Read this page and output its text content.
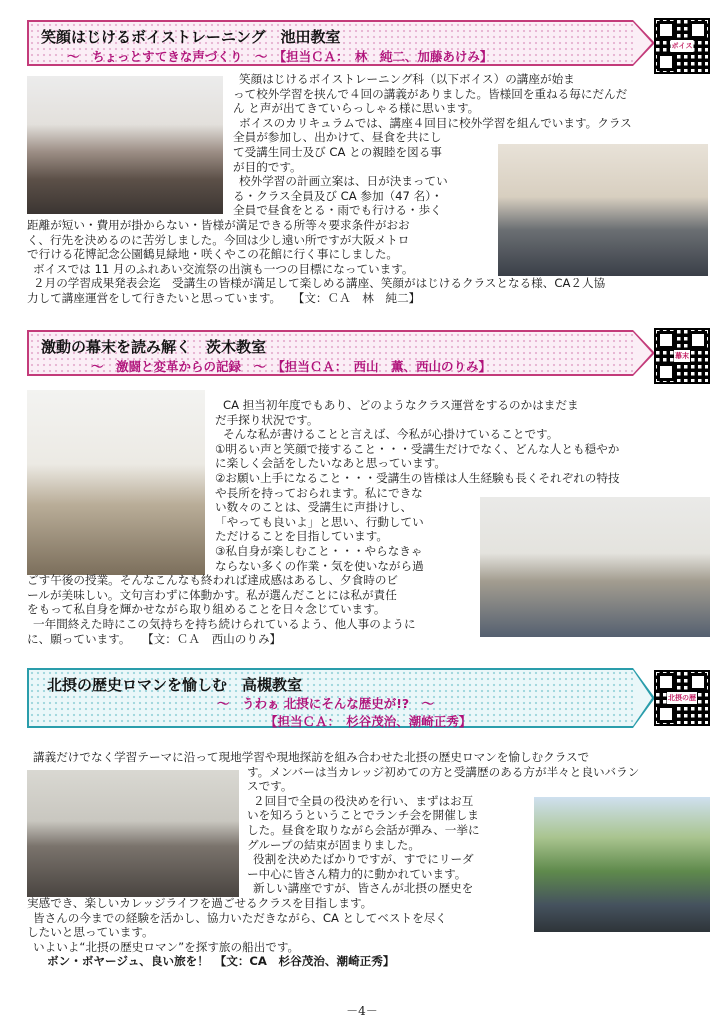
笑顔はじけるボイストレーニング　池田教室
～　ちょっとすてきな声づくり　～　【担当ＣＡ：　林　純二、加藤あけみ】
ボイス
笑顔はじけるボイストレーニング科（以下ボイス）の講座が始ま
って校外学習を挟んで４回の講義がありました。皆様回を重ねる毎にだんだ
ん と声が出てきていらっしゃる様に思います。
ボイスのカリキュラムでは、講座４回目に校外学習を組んでいます。クラス
全員が参加し、出かけて、昼食を共にし
て受講生同士及び CA との親睦を図る事
が目的です。
校外学習の計画立案は、日が決まってい
る・クラス全員及び CA 参加（47 名）・
全員で昼食をとる・雨でも行ける・歩く
距離が短い・費用が掛からない・皆様が満足できる所等々要求条件がおお
く、行先を決めるのに苦労しました。今回は少し遠い所ですが大阪メトロ
で行ける花博記念公園鶴見緑地・咲くやこの花館に行く事にしました。
ボイスでは 11 月のふれあい交流祭の出演も一つの目標になっています。
２月の学習成果発表会迄　受講生の皆様が満足して楽しめる講座、笑顔がはじけるクラスとなる様、CA２人協
力して講座運営をして行きたいと思っています。　　【文：ＣＡ　林　純二】
激動の幕末を読み解く　茨木教室
～　激闘と変革からの記録　～　【担当ＣＡ：　西山　薫、西山のりみ】
幕末
CA 担当初年度でもあり、どのようなクラス運営をするのかはまだま
だ手探り状況です。
そんな私が書けることと言えば、今私が心掛けていることです。
①明るい声と笑顔で接すること・・・受講生だけでなく、どんな人とも穏やか
に楽しく会話をしたいなあと思っています。
②お願い上手になること・・・受講生の皆様は人生経験も長くそれぞれの特技
や長所を持っておられます。私にできな
い数々のことは、受講生に声掛けし、
「やっても良いよ」と思い、行動してい
ただけることを目指しています。
③私自身が楽しむこと・・・やらなきゃ
ならない多くの作業・気を使いながら過
ごす午後の授業。そんなこんなも終われば達成感はあるし、夕食時のビ
ールが美味しい。文句言わずに体動かす。私が選んだことには私が責任
をもって私自身を輝かせながら取り組めることを日々念じています。
一年間終えた時にこの気持ちを持ち続けられているよう、他人事のように
に、願っています。　　【文：ＣＡ　西山のりみ】
北摂の歴史ロマンを愉しむ　高槻教室
～　うわぁ 北摂にそんな歴史が!?　～
【担当ＣＡ：　杉谷茂治、潮崎正秀】
北摂の歴
講義だけでなく学習テーマに沿って現地学習や現地探訪を組み合わせた北摂の歴史ロマンを愉しむクラスで
す。メンバーは当カレッジ初めての方と受講歴のある方が半々と良いバラン
スです。
２回目で全員の役決めを行い、まずはお互
いを知ろうということでランチ会を開催しま
した。昼食を取りながら会話が弾み、一挙に
グループの結束が固まりました。
役割を決めたばかりですが、すでにリーダ
ー中心に皆さん精力的に動かれています。
新しい講座ですが、皆さんが北摂の歴史を
実感でき、楽しいカレッジライフを過ごせるクラスを目指します。
皆さんの今までの経験を活かし、協力いただきながら、CA としてベストを尽く
したいと思っています。
いよいよ“北摂の歴史ロマン”を探す旅の船出です。
ボン・ボヤージュ、良い旅を！　【文：CA　杉谷茂治、潮崎正秀】
－4－
